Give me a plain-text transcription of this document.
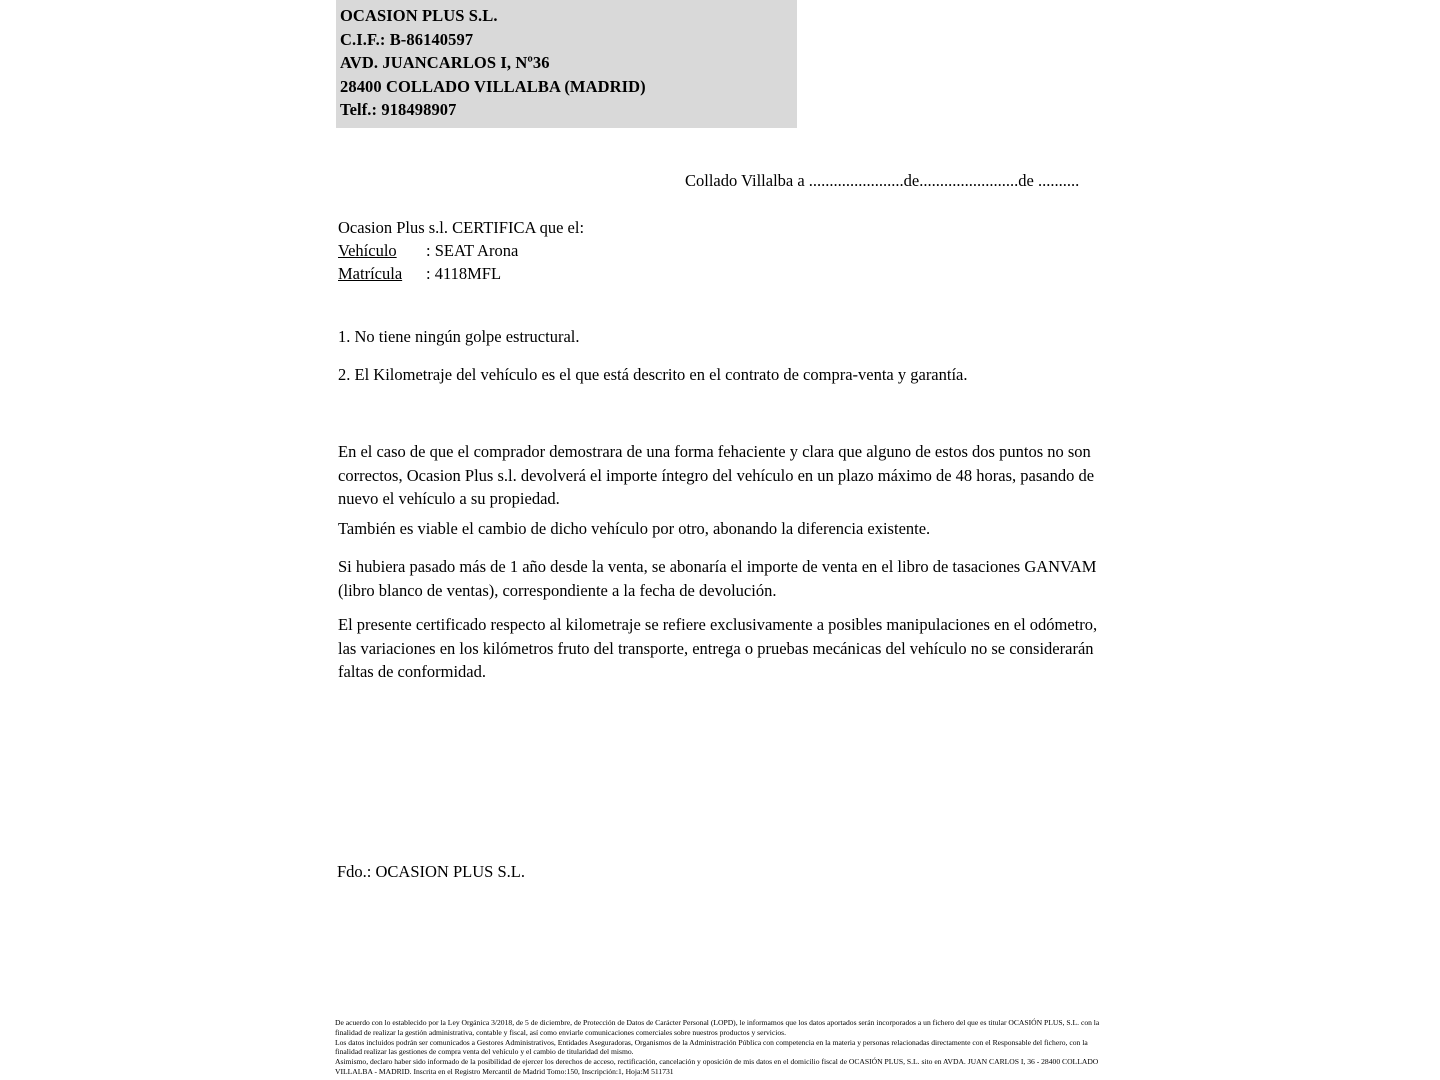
OCASION PLUS S.L.
C.I.F.: B-86140597
AVD. JUANCARLOS I, Nº36
28400 COLLADO VILLALBA (MADRID)
Telf.: 918498907
Collado Villalba a .......................de........................de ..........
Ocasion Plus s.l. CERTIFICA que el:
Vehículo	: SEAT Arona
Matrícula	: 4118MFL
1. No tiene ningún golpe estructural.
2. El Kilometraje del vehículo es el que está descrito en el contrato de compra-venta y garantía.
En el caso de que el comprador demostrara de una forma fehaciente y clara que alguno de estos dos puntos no son correctos, Ocasion Plus s.l. devolverá el importe íntegro del vehículo en un plazo máximo de 48 horas, pasando de nuevo el vehículo a su propiedad.
También es viable el cambio de dicho vehículo por otro, abonando la diferencia existente.
Si hubiera pasado más de 1 año desde la venta, se abonaría el importe de venta en el libro de tasaciones GANVAM (libro blanco de ventas), correspondiente a la fecha de devolución.
El presente certificado respecto al kilometraje se refiere exclusivamente a posibles manipulaciones en el odómetro, las variaciones en los kilómetros fruto del transporte, entrega o pruebas mecánicas del vehículo no se considerarán faltas de conformidad.
Fdo.: OCASION PLUS S.L.

De acuerdo con lo establecido por la Ley Orgánica 3/2018, de 5 de diciembre, de Protección de Datos de Carácter Personal (LOPD), le informamos que los datos aportados serán incorporados a un fichero del que es titular OCASIÓN PLUS, S.L. con la finalidad de realizar la gestión administrativa, contable y fiscal, así como enviarle comunicaciones comerciales sobre nuestros productos y servicios.

Los datos incluidos podrán ser comunicados a Gestores Administrativos, Entidades Aseguradoras, Organismos de la Administración Pública con competencia en la materia y personas relacionadas directamente con el Responsable del fichero, con la finalidad realizar las gestiones de compra venta del vehículo y el cambio de titularidad del mismo.

Asimismo, declaro haber sido informado de la posibilidad de ejercer los derechos de acceso, rectificación, cancelación y oposición de mis datos en el domicilio fiscal de OCASIÓN PLUS, S.L. sito en AVDA. JUAN CARLOS I, 36 - 28400 COLLADO VILLALBA - MADRID. Inscrita en el Registro Mercantil de Madrid Tomo:150, Inscripción:1, Hoja:M 511731
